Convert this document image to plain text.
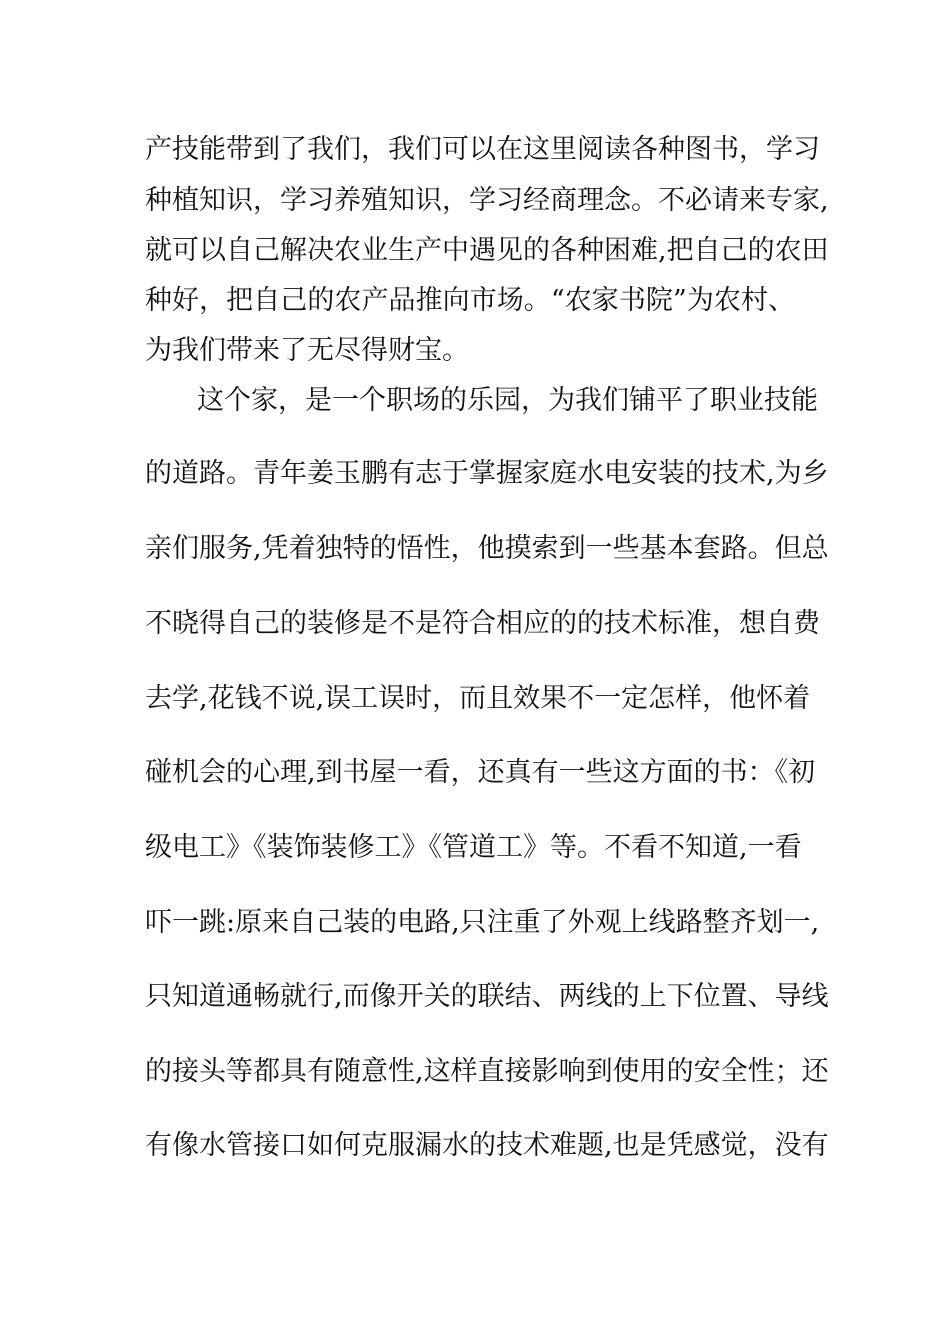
产技能带到了我们，我们可以在这里阅读各种图书，学习
种植知识，学习养殖知识，学习经商理念。不必请来专家,
就可以自己解决农业生产中遇见的各种困难,把自己的农田
种好，把自己的农产品推向市场。“农家书院”为农村、
为我们带来了无尽得财宝。
这个家，是一个职场的乐园，为我们铺平了职业技能
的道路。青年姜玉鹏有志于掌握家庭水电安装的技术,为乡
亲们服务,凭着独特的悟性，他摸索到一些基本套路。但总
不晓得自己的装修是不是符合相应的的技术标准，想自费
去学,花钱不说,误工误时，而且效果不一定怎样，他怀着
碰机会的心理,到书屋一看，还真有一些这方面的书：《初
级电工》《装饰装修工》《管道工》等。不看不知道,一看
吓一跳:原来自己装的电路,只注重了外观上线路整齐划一,
只知道通畅就行,而像开关的联结、两线的上下位置、导线
的接头等都具有随意性,这样直接影响到使用的安全性；还
有像水管接口如何克服漏水的技术难题,也是凭感觉，没有
